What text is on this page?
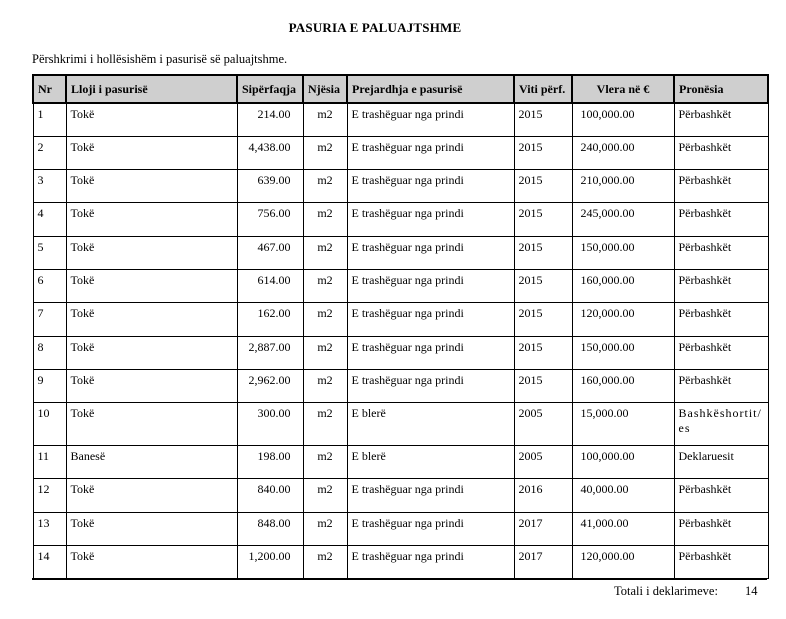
PASURIA E PALUAJTSHME
Përshkrimi i hollësishëm i pasurisë së paluajtshme.
Nr	Lloji i pasurisë	Sipërfaqja	Njësia	Prejardhja e pasurisë	Viti përf.	Vlera në €	Pronësia
1	Tokë	214.00	m2	E trashëguar nga prindi	2015	100,000.00	Përbashkët
2	Tokë	4,438.00	m2	E trashëguar nga prindi	2015	240,000.00	Përbashkët
3	Tokë	639.00	m2	E trashëguar nga prindi	2015	210,000.00	Përbashkët
4	Tokë	756.00	m2	E trashëguar nga prindi	2015	245,000.00	Përbashkët
5	Tokë	467.00	m2	E trashëguar nga prindi	2015	150,000.00	Përbashkët
6	Tokë	614.00	m2	E trashëguar nga prindi	2015	160,000.00	Përbashkët
7	Tokë	162.00	m2	E trashëguar nga prindi	2015	120,000.00	Përbashkët
8	Tokë	2,887.00	m2	E trashëguar nga prindi	2015	150,000.00	Përbashkët
9	Tokë	2,962.00	m2	E trashëguar nga prindi	2015	160,000.00	Përbashkët
10	Tokë	300.00	m2	E blerë	2005	15,000.00	Bashkëshortit/es
11	Banesë	198.00	m2	E blerë	2005	100,000.00	Deklaruesit
12	Tokë	840.00	m2	E trashëguar nga prindi	2016	40,000.00	Përbashkët
13	Tokë	848.00	m2	E trashëguar nga prindi	2017	41,000.00	Përbashkët
14	Tokë	1,200.00	m2	E trashëguar nga prindi	2017	120,000.00	Përbashkët
Totali i deklarimeve: 14
